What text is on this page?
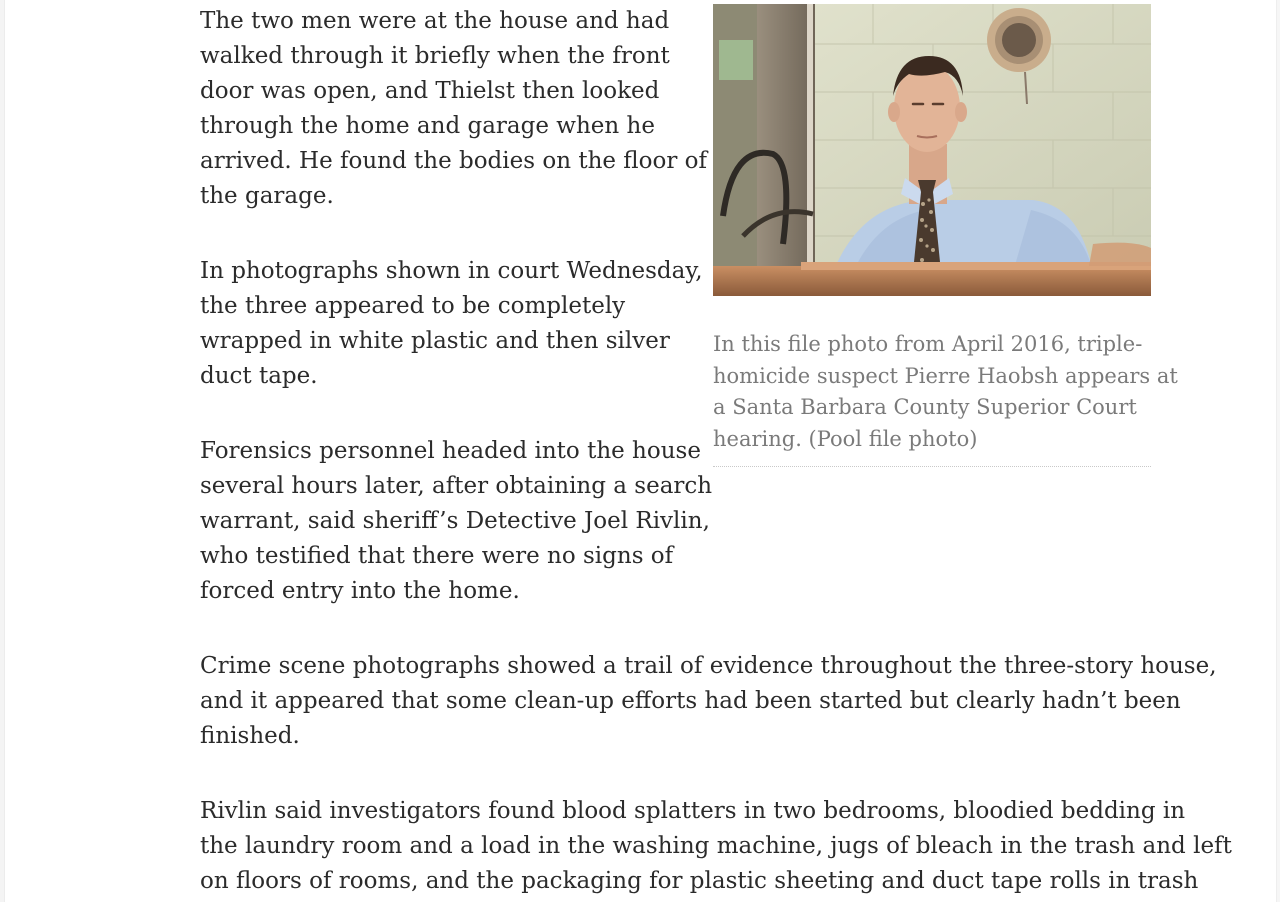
The two men were at the house and had
walked through it briefly when the front
door was open, and Thielst then looked
through the home and garage when he
arrived. He found the bodies on the floor of
the garage.

In photographs shown in court Wednesday,
the three appeared to be completely
wrapped in white plastic and then silver
duct tape.

Forensics personnel headed into the house
several hours later, after obtaining a search
warrant, said sheriff’s Detective Joel Rivlin,
who testified that there were no signs of
forced entry into the home.

Crime scene photographs showed a trail of evidence throughout the three-story house,
and it appeared that some clean-up efforts had been started but clearly hadn’t been
finished.

Rivlin said investigators found blood splatters in two bedrooms, bloodied bedding in
the laundry room and a load in the washing machine, jugs of bleach in the trash and left
on floors of rooms, and the packaging for plastic sheeting and duct tape rolls in trash

In this file photo from April 2016, triple-
homicide suspect Pierre Haobsh appears at
a Santa Barbara County Superior Court
hearing. (Pool file photo)
